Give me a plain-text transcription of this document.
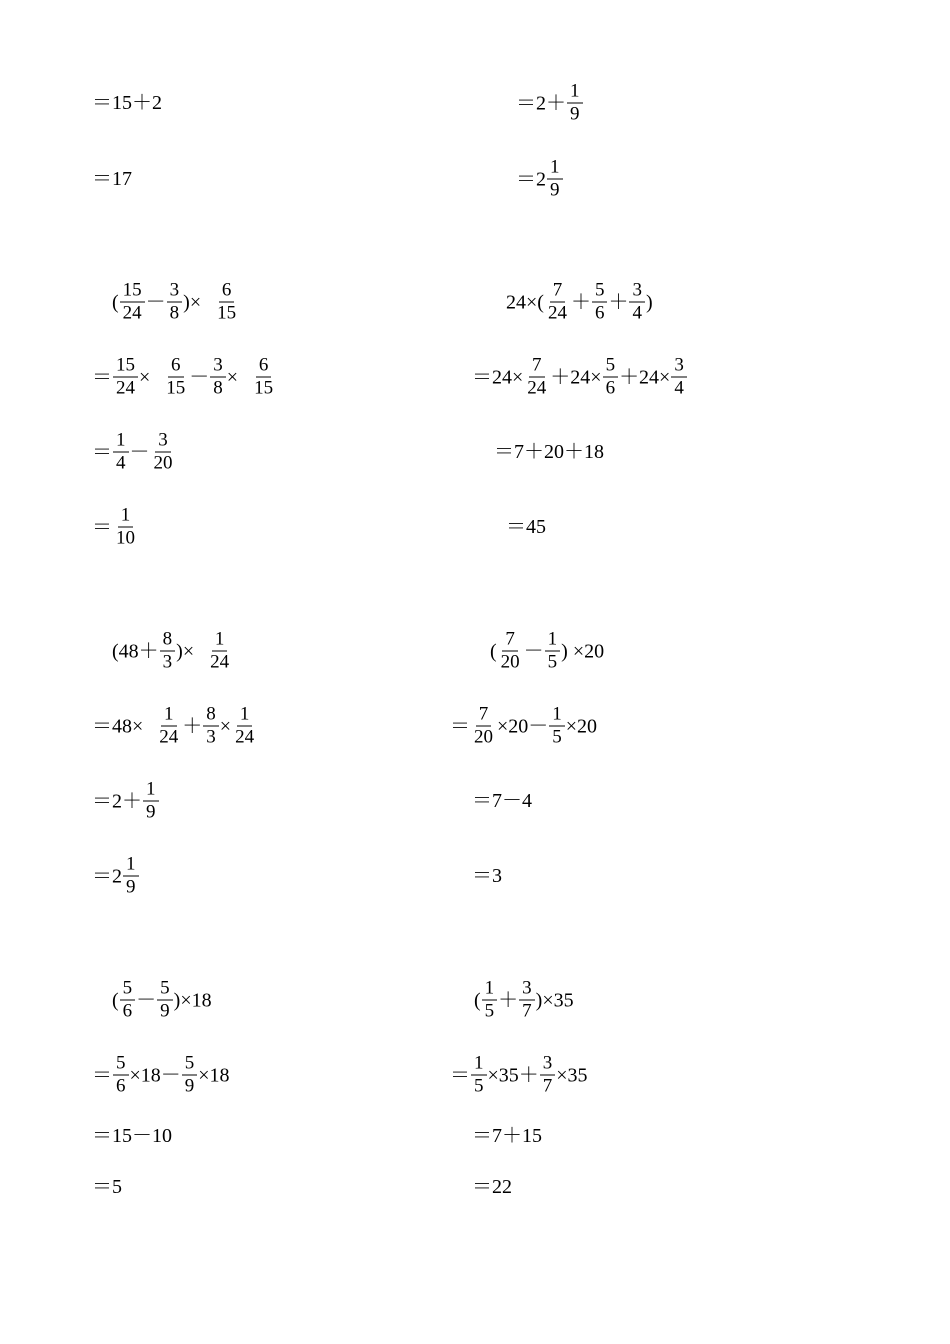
＝15＋2
＝17
$=2+ \frac{1}{9}$
$=2 \frac{1}{9}$
( $\frac{15}{24} - \frac{3}{8}$ )× $\frac{6}{15}$
＝ $\frac{15}{24} \times \frac{6}{15} - \frac{3}{8} \times \frac{6}{15}$
＝ $\frac{1}{4} - \frac{3}{20}$
＝ $\frac{1}{10}$
$24\times( \frac{7}{24} + \frac{5}{6} + \frac{3}{4}$ )
$=24\times \frac{7}{24} +24\times \frac{5}{6} +24\times \frac{3}{4}$
＝7＋20＋18
＝45
($48+ \frac{8}{3}$ )× $\frac{1}{24}$
$=48\times \frac{1}{24} + \frac{8}{3} \times \frac{1}{24}$
$=2+ \frac{1}{9}$
$=2 \frac{1}{9}$
( $\frac{7}{20} - \frac{1}{5}$ ) ×20
＝ $\frac{7}{20} \times 20- \frac{1}{5} \times 20$
＝7－4
＝3
( $\frac{5}{6} - \frac{5}{9} )\times 18$
＝ $\frac{5}{6} \times 18- \frac{5}{9} \times 18$
＝15－10
＝5
( $\frac{1}{5} + \frac{3}{7} )\times 35$
＝ $\frac{1}{5} \times 35+ \frac{3}{7} \times 35$
＝7＋15
＝22
